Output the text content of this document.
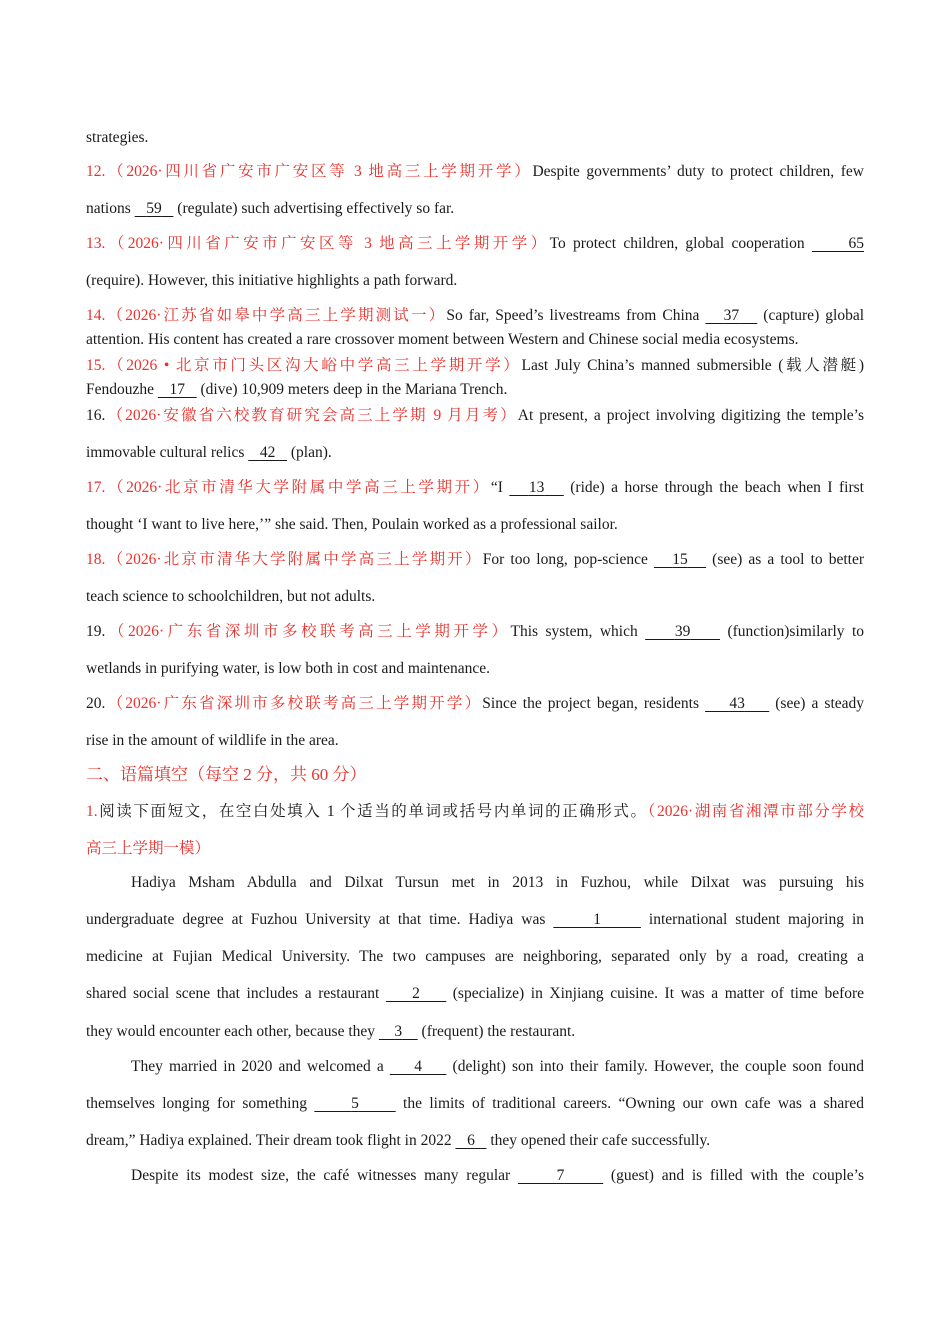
strategies.
12.（2026·四川省广安市广安区等 3 地高三上学期开学）Despite governments’ duty to protect children, few
nations    59    (regulate) such advertising effectively so far.
13.（2026·四川省广安市广安区等 3 地高三上学期开学）To protect children, global cooperation      65
(require). However, this initiative highlights a path forward.
14.（2026·江苏省如皋中学高三上学期测试一）So far, Speed’s livestreams from China    37    (capture) global
attention. His content has created a rare crossover moment between Western and Chinese social media ecosystems.
15.（2026 • 北京市门头区沟大峪中学高三上学期开学）Last July China’s manned submersible (载人潜艇)
Fendouzhe    17    (dive) 10,909 meters deep in the Mariana Trench.
16.（2026·安徽省六校教育研究会高三上学期 9 月月考）At present, a project involving digitizing the temple’s
immovable cultural relics    42    (plan).
17.（2026·北京市清华大学附属中学高三上学期开）“I    13    (ride) a horse through the beach when I first
thought ‘I want to live here,’” she said. Then, Poulain worked as a professional sailor.
18.（2026·北京市清华大学附属中学高三上学期开）For too long, pop-science    15    (see) as a tool to better
teach science to schoolchildren, but not adults.
19.（2026·广东省深圳市多校联考高三上学期开学）This system, which     39     (function)similarly to
wetlands in purifying water, is low both in cost and maintenance.
20.（2026·广东省深圳市多校联考高三上学期开学）Since the project began, residents     43     (see) a steady
rise in the amount of wildlife in the area.
二、语篇填空（每空 2 分，共 60 分）
1.阅读下面短文，在空白处填入 1 个适当的单词或括号内单词的正确形式。（2026·湖南省湘潭市部分学校
高三上学期一模）
Hadiya Msham Abdulla and Dilxat Tursun met in 2013 in Fuzhou, while Dilxat was pursuing his
undergraduate degree at Fuzhou University at that time. Hadiya was	1	international student majoring in
medicine at Fujian Medical University. The two campuses are neighboring, separated only by a road, creating a
shared social scene that includes a restaurant     2     (specialize) in Xinjiang cuisine. It was a matter of time before
they would encounter each other, because they     3     (frequent) the restaurant.
They married in 2020 and welcomed a     4     (delight) son into their family. However, the couple soon found
themselves longing for something      5      the limits of traditional careers. “Owning our own cafe was a shared
dream,” Hadiya explained. Their dream took flight in 2022    6    they opened their cafe successfully.
Despite its modest size, the café witnesses many regular      7      (guest) and is filled with the couple’s
